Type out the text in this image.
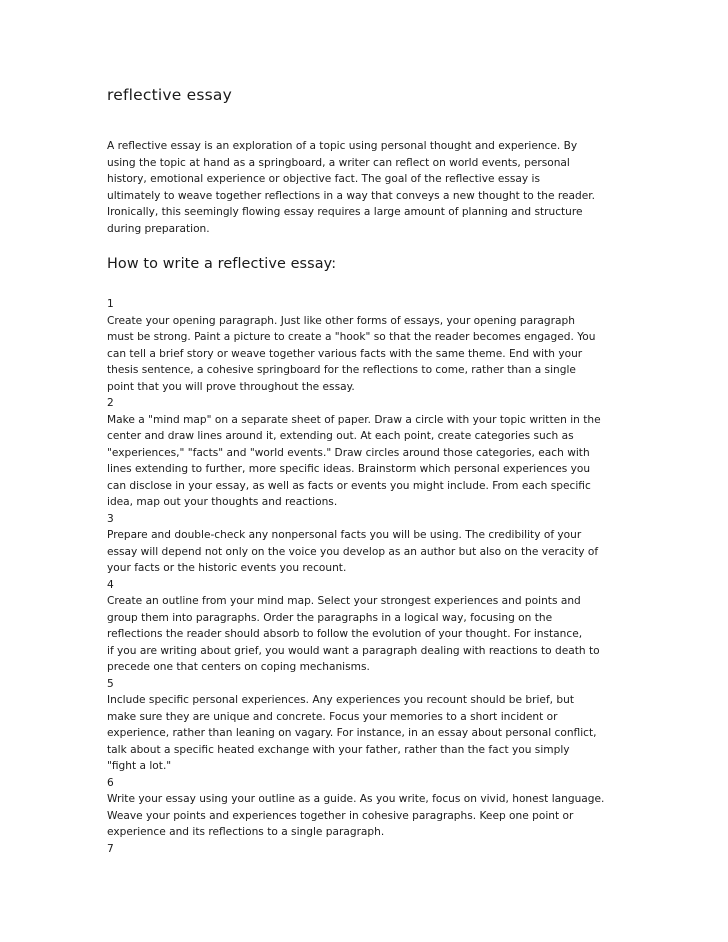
reflective essay
A reflective essay is an exploration of a topic using personal thought and experience. By
using the topic at hand as a springboard, a writer can reflect on world events, personal
history, emotional experience or objective fact. The goal of the reflective essay is
ultimately to weave together reflections in a way that conveys a new thought to the reader.
Ironically, this seemingly flowing essay requires a large amount of planning and structure
during preparation.
How to write a reflective essay:
1
Create your opening paragraph. Just like other forms of essays, your opening paragraph
must be strong. Paint a picture to create a "hook" so that the reader becomes engaged. You
can tell a brief story or weave together various facts with the same theme. End with your
thesis sentence, a cohesive springboard for the reflections to come, rather than a single
point that you will prove throughout the essay.
2
Make a "mind map" on a separate sheet of paper. Draw a circle with your topic written in the
center and draw lines around it, extending out. At each point, create categories such as
"experiences," "facts" and "world events." Draw circles around those categories, each with
lines extending to further, more specific ideas. Brainstorm which personal experiences you
can disclose in your essay, as well as facts or events you might include. From each specific
idea, map out your thoughts and reactions.
3
Prepare and double-check any nonpersonal facts you will be using. The credibility of your
essay will depend not only on the voice you develop as an author but also on the veracity of
your facts or the historic events you recount.
4
Create an outline from your mind map. Select your strongest experiences and points and
group them into paragraphs. Order the paragraphs in a logical way, focusing on the
reflections the reader should absorb to follow the evolution of your thought. For instance,
if you are writing about grief, you would want a paragraph dealing with reactions to death to
precede one that centers on coping mechanisms.
5
Include specific personal experiences. Any experiences you recount should be brief, but
make sure they are unique and concrete. Focus your memories to a short incident or
experience, rather than leaning on vagary. For instance, in an essay about personal conflict,
talk about a specific heated exchange with your father, rather than the fact you simply
"fight a lot."
6
Write your essay using your outline as a guide. As you write, focus on vivid, honest language.
Weave your points and experiences together in cohesive paragraphs. Keep one point or
experience and its reflections to a single paragraph.
7
